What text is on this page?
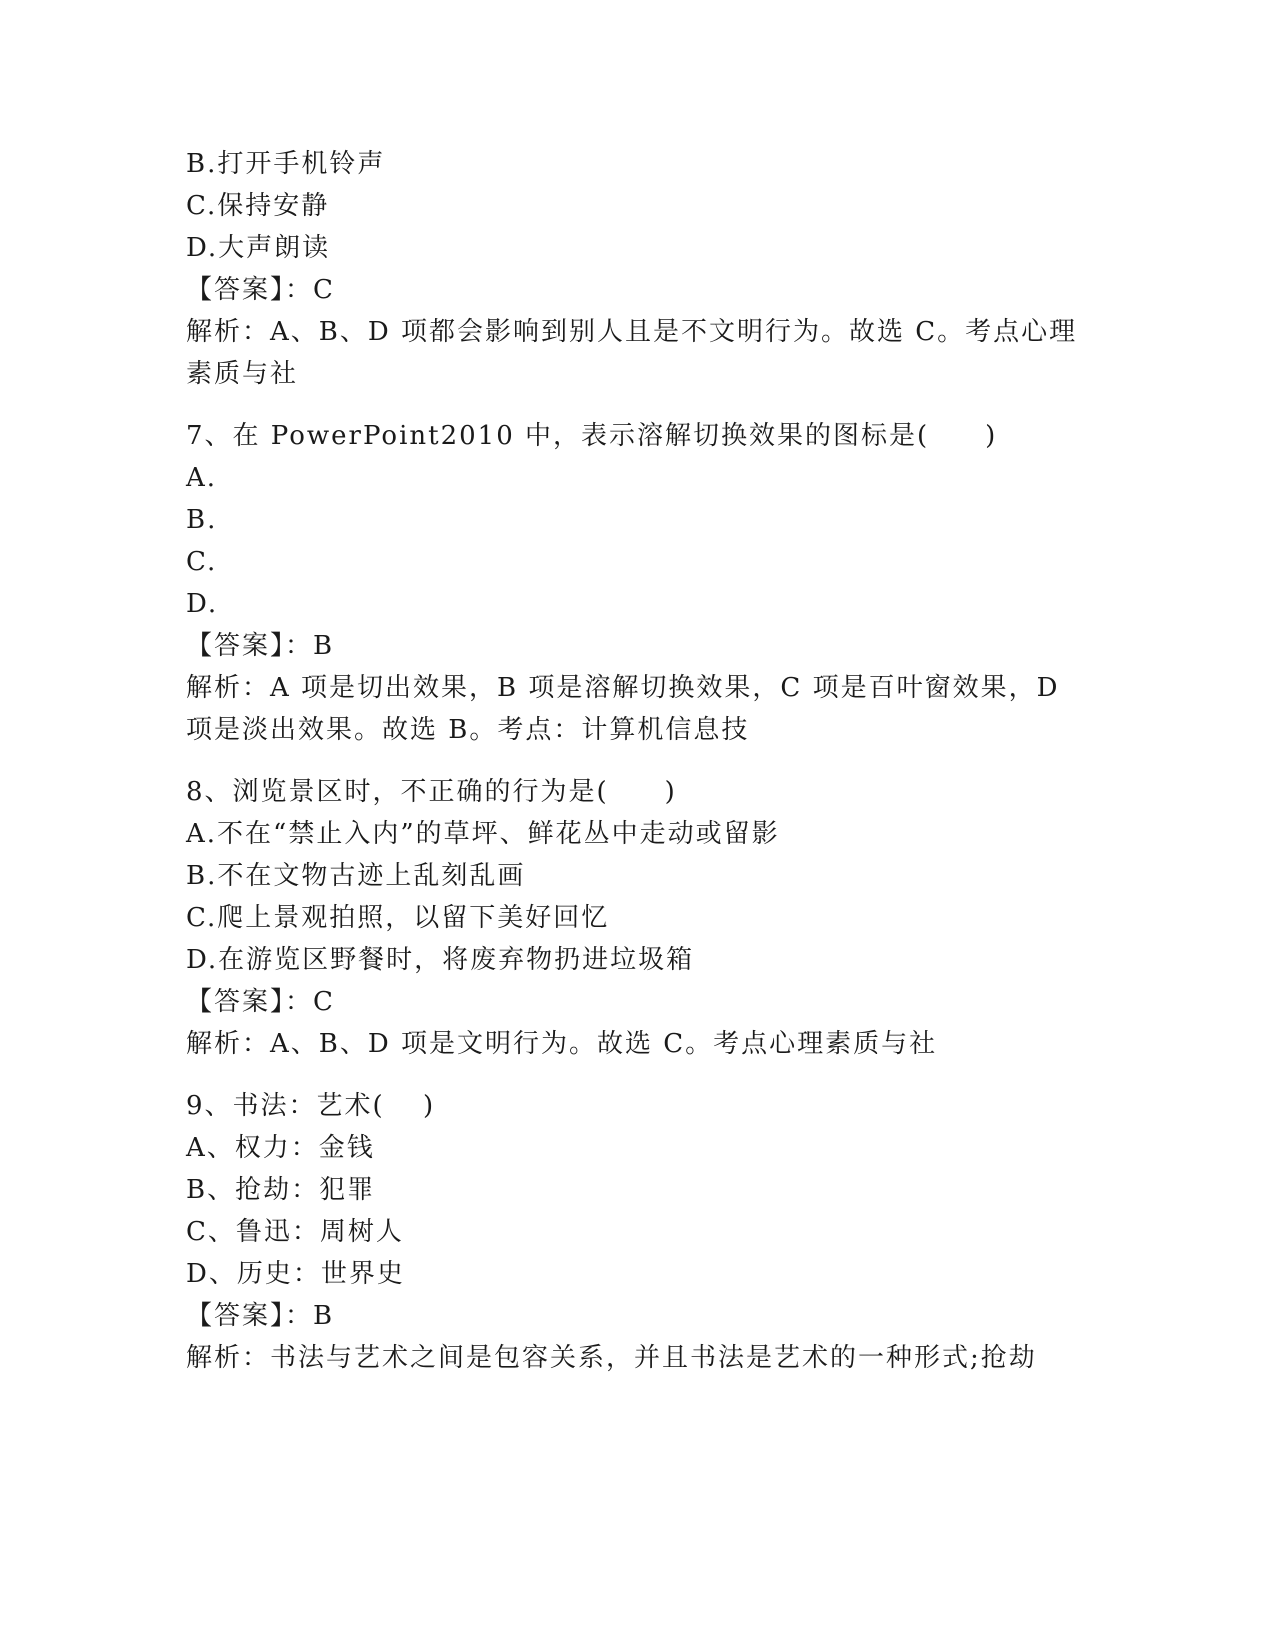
B.打开手机铃声
C.保持安静
D.大声朗读
【答案】：C
解析：A、B、D 项都会影响到别人且是不文明行为。故选 C。考点心理
素质与社
7、在 PowerPoint2010 中，表示溶解切换效果的图标是(　　)
A.
B.
C.
D.
【答案】：B
解析：A 项是切出效果，B 项是溶解切换效果，C 项是百叶窗效果，D
项是淡出效果。故选 B。考点：计算机信息技
8、浏览景区时，不正确的行为是(　　)
A.不在“禁止入内”的草坪、鲜花丛中走动或留影
B.不在文物古迹上乱刻乱画
C.爬上景观拍照，以留下美好回忆
D.在游览区野餐时，将废弃物扔进垃圾箱
【答案】：C
解析：A、B、D 项是文明行为。故选 C。考点心理素质与社
9、书法：艺术(　 )
A、权力：金钱
B、抢劫：犯罪
C、鲁迅：周树人
D、历史：世界史
【答案】：B
解析：书法与艺术之间是包容关系，并且书法是艺术的一种形式;抢劫
